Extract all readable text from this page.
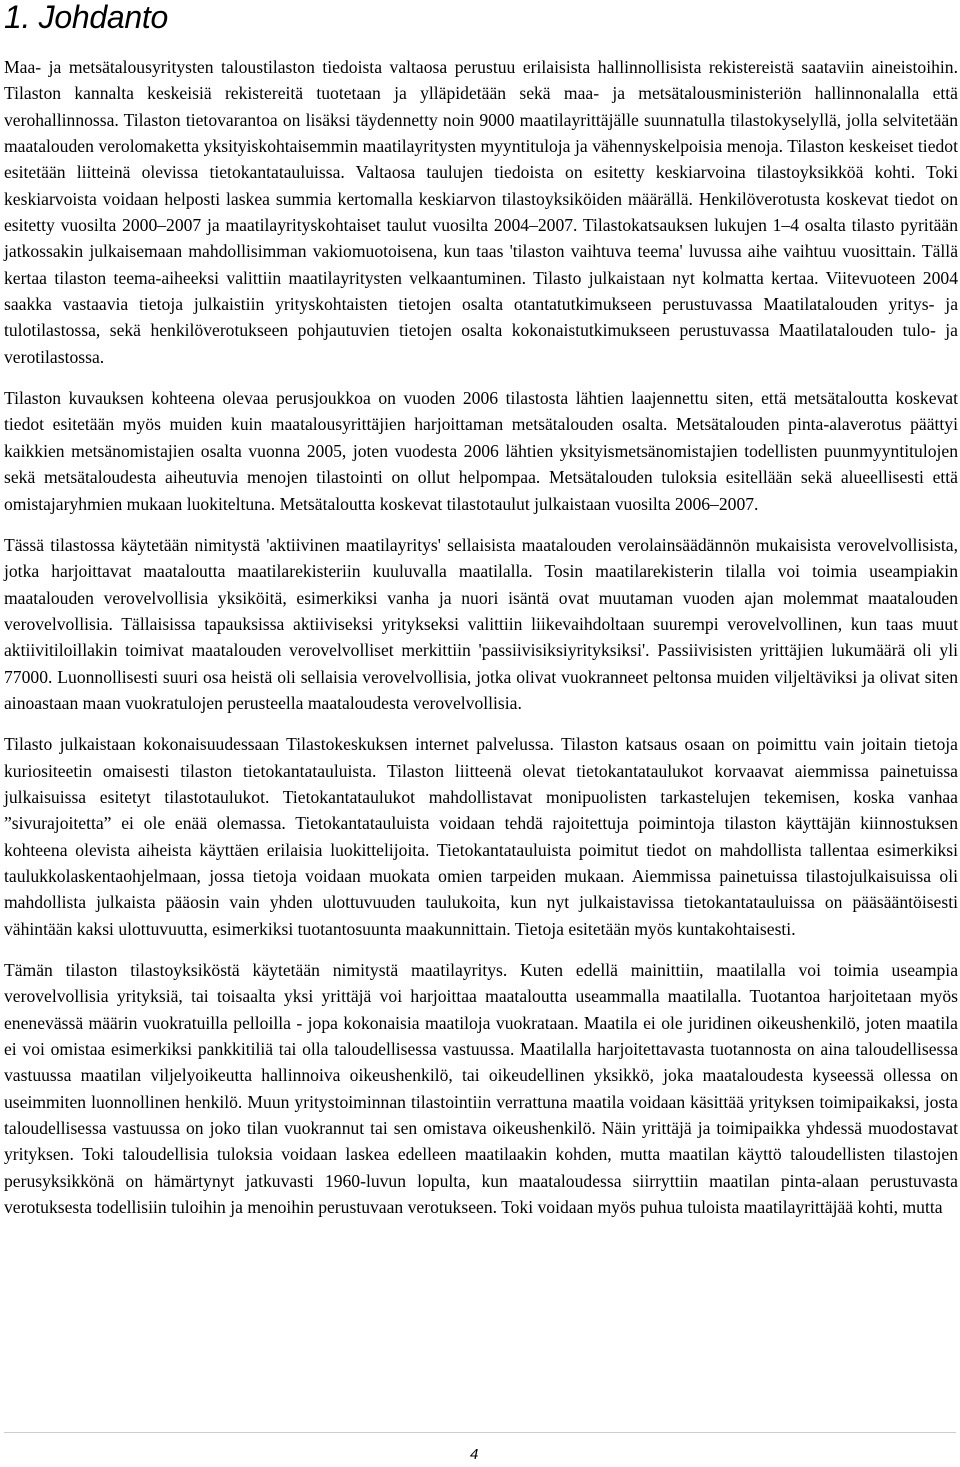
1. Johdanto

Maa- ja metsätalousyritysten taloustilaston tiedoista valtaosa perustuu erilaisista hallinnollisista rekistereistä saataviin aineistoihin. Tilaston kannalta keskeisiä rekistereitä tuotetaan ja ylläpidetään sekä maa- ja metsätalousministeriön hallinnonalalla että verohallinnossa. Tilaston tietovarantoa on lisäksi täydennetty noin 9000 maatilayrittäjälle suunnatulla tilastokyselyllä, jolla selvitetään maatalouden verolomaketta yksityiskohtaisemmin maatilayritysten myyntituloja ja vähennyskelpoisia menoja. Tilaston keskeiset tiedot esitetään liitteinä olevissa tietokantatauluissa. Valtaosa taulujen tiedoista on esitetty keskiarvoina tilastoyksikköä kohti. Toki keskiarvoista voidaan helposti laskea summia kertomalla keskiarvon tilastoyksiköiden määrällä. Henkilöverotusta koskevat tiedot on esitetty vuosilta 2000–2007 ja maatilayrityskohtaiset taulut vuosilta 2004–2007. Tilastokatsauksen lukujen 1–4 osalta tilasto pyritään jatkossakin julkaisemaan mahdollisimman vakiomuotoisena, kun taas 'tilaston vaihtuva teema' luvussa aihe vaihtuu vuosittain. Tällä kertaa tilaston teema-aiheeksi valittiin maatilayritysten velkaantuminen. Tilasto julkaistaan nyt kolmatta kertaa. Viitevuoteen 2004 saakka vastaavia tietoja julkaistiin yrityskohtaisten tietojen osalta otantatutkimukseen perustuvassa Maatilatalouden yritys- ja tulotilastossa, sekä henkilöverotukseen pohjautuvien tietojen osalta kokonaistutkimukseen perustuvassa Maatilatalouden tulo- ja verotilastossa.

Tilaston kuvauksen kohteena olevaa perusjoukkoa on vuoden 2006 tilastosta lähtien laajennettu siten, että metsätaloutta koskevat tiedot esitetään myös muiden kuin maatalousyrittäjien harjoittaman metsätalouden osalta. Metsätalouden pinta-alaverotus päättyi kaikkien metsänomistajien osalta vuonna 2005, joten vuodesta 2006 lähtien yksityismetsänomistajien todellisten puunmyyntitulojen sekä metsätaloudesta aiheutuvia menojen tilastointi on ollut helpompaa. Metsätalouden tuloksia esitellään sekä alueellisesti että omistajaryhmien mukaan luokiteltuna. Metsätaloutta koskevat tilastotaulut julkaistaan vuosilta 2006–2007.

Tässä tilastossa käytetään nimitystä 'aktiivinen maatilayritys' sellaisista maatalouden verolainsäädännön mukaisista verovelvollisista, jotka harjoittavat maataloutta maatilarekisteriin kuuluvalla maatilalla. Tosin maatilarekisterin tilalla voi toimia useampiakin maatalouden verovelvollisia yksiköitä, esimerkiksi vanha ja nuori isäntä ovat muutaman vuoden ajan molemmat maatalouden verovelvollisia. Tällaisissa tapauksissa aktiiviseksi yritykseksi valittiin liikevaihdoltaan suurempi verovelvollinen, kun taas muut aktiivitiloillakin toimivat maatalouden verovelvolliset merkittiin 'passiivisiksiyrityksiksi'. Passiivisisten yrittäjien lukumäärä oli yli 77000. Luonnollisesti suuri osa heistä oli sellaisia verovelvollisia, jotka olivat vuokranneet peltonsa muiden viljeltäviksi ja olivat siten ainoastaan maan vuokratulojen perusteella maataloudesta verovelvollisia.

Tilasto julkaistaan kokonaisuudessaan Tilastokeskuksen internet palvelussa. Tilaston katsaus osaan on poimittu vain joitain tietoja kuriositeetin omaisesti tilaston tietokantatauluista. Tilaston liitteenä olevat tietokantataulukot korvaavat aiemmissa painetuissa julkaisuissa esitetyt tilastotaulukot. Tietokantataulukot mahdollistavat monipuolisten tarkastelujen tekemisen, koska vanhaa ”sivurajoitetta” ei ole enää olemassa. Tietokantatauluista voidaan tehdä rajoitettuja poimintoja tilaston käyttäjän kiinnostuksen kohteena olevista aiheista käyttäen erilaisia luokittelijoita. Tietokantatauluista poimitut tiedot on mahdollista tallentaa esimerkiksi taulukkolaskentaohjelmaan, jossa tietoja voidaan muokata omien tarpeiden mukaan. Aiemmissa painetuissa tilastojulkaisuissa oli mahdollista julkaista pääosin vain yhden ulottuvuuden taulukoita, kun nyt julkaistavissa tietokantatauluissa on pääsääntöisesti vähintään kaksi ulottuvuutta, esimerkiksi tuotantosuunta maakunnittain. Tietoja esitetään myös kuntakohtaisesti.

Tämän tilaston tilastoyksiköstä käytetään nimitystä maatilayritys. Kuten edellä mainittiin, maatilalla voi toimia useampia verovelvollisia yrityksiä, tai toisaalta yksi yrittäjä voi harjoittaa maataloutta useammalla maatilalla. Tuotantoa harjoitetaan myös enenevässä määrin vuokratuilla pelloilla - jopa kokonaisia maatiloja vuokrataan. Maatila ei ole juridinen oikeushenkilö, joten maatila ei voi omistaa esimerkiksi pankkitiliä tai olla taloudellisessa vastuussa. Maatilalla harjoitettavasta tuotannosta on aina taloudellisessa vastuussa maatilan viljelyoikeutta hallinnoiva oikeushenkilö, tai oikeudellinen yksikkö, joka maataloudesta kyseessä ollessa on useimmiten luonnollinen henkilö. Muun yritystoiminnan tilastointiin verrattuna maatila voidaan käsittää yrityksen toimipaikaksi, josta taloudellisessa vastuussa on joko tilan vuokrannut tai sen omistava oikeushenkilö. Näin yrittäjä ja toimipaikka yhdessä muodostavat yrityksen. Toki taloudellisia tuloksia voidaan laskea edelleen maatilaakin kohden, mutta maatilan käyttö taloudellisten tilastojen perusyksikkönä on hämärtynyt jatkuvasti 1960-luvun lopulta, kun maataloudessa siirryttiin maatilan pinta-alaan perustuvasta verotuksesta todellisiin tuloihin ja menoihin perustuvaan verotukseen. Toki voidaan myös puhua tuloista maatilayrittäjää kohti, mutta

4
